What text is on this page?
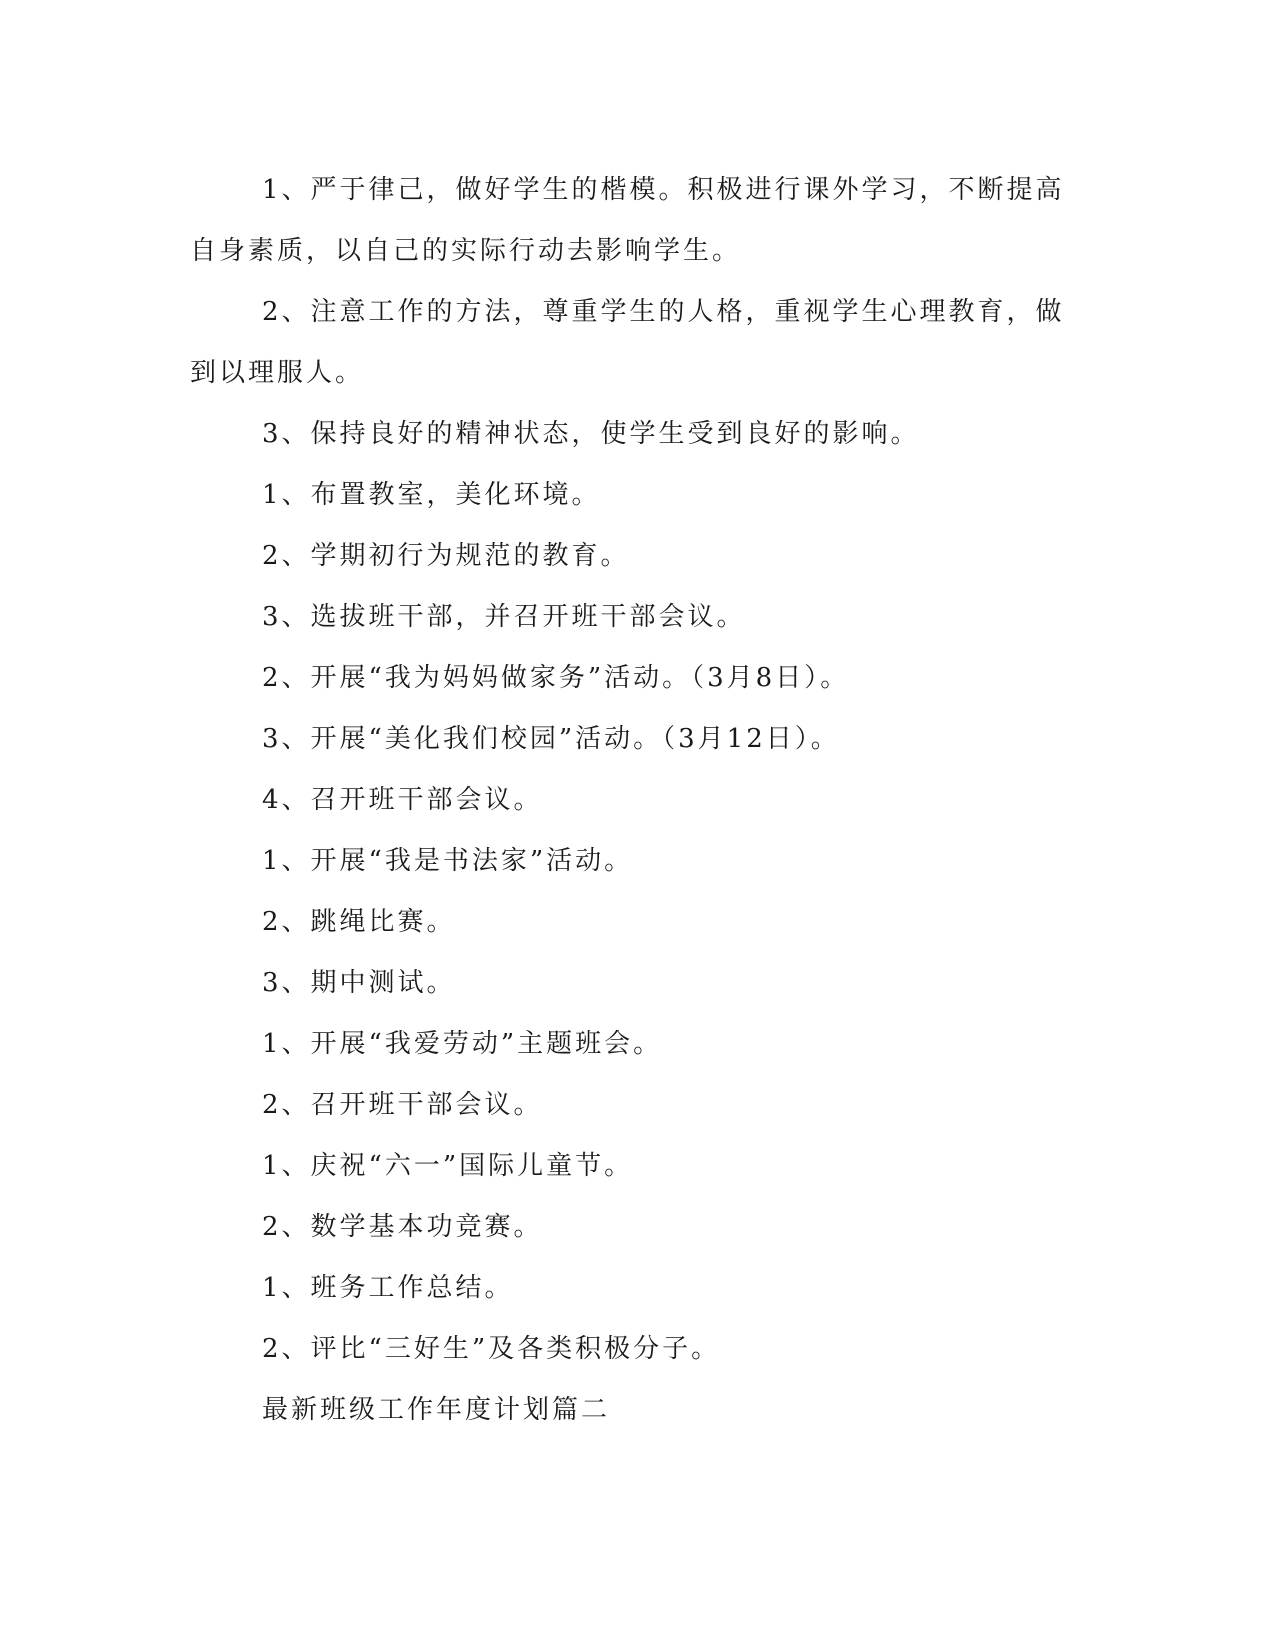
1、严于律己，做好学生的楷模。积极进行课外学习，不断提高自身素质，以自己的实际行动去影响学生。

2、注意工作的方法，尊重学生的人格，重视学生心理教育，做到以理服人。

3、保持良好的精神状态，使学生受到良好的影响。

1、布置教室，美化环境。

2、学期初行为规范的教育。

3、选拔班干部，并召开班干部会议。

2、开展“我为妈妈做家务”活动。（3月8日）。

3、开展“美化我们校园”活动。（3月12日）。

4、召开班干部会议。

1、开展“我是书法家”活动。

2、跳绳比赛。

3、期中测试。

1、开展“我爱劳动”主题班会。

2、召开班干部会议。

1、庆祝“六一”国际儿童节。

2、数学基本功竞赛。

1、班务工作总结。

2、评比“三好生”及各类积极分子。

最新班级工作年度计划篇二
